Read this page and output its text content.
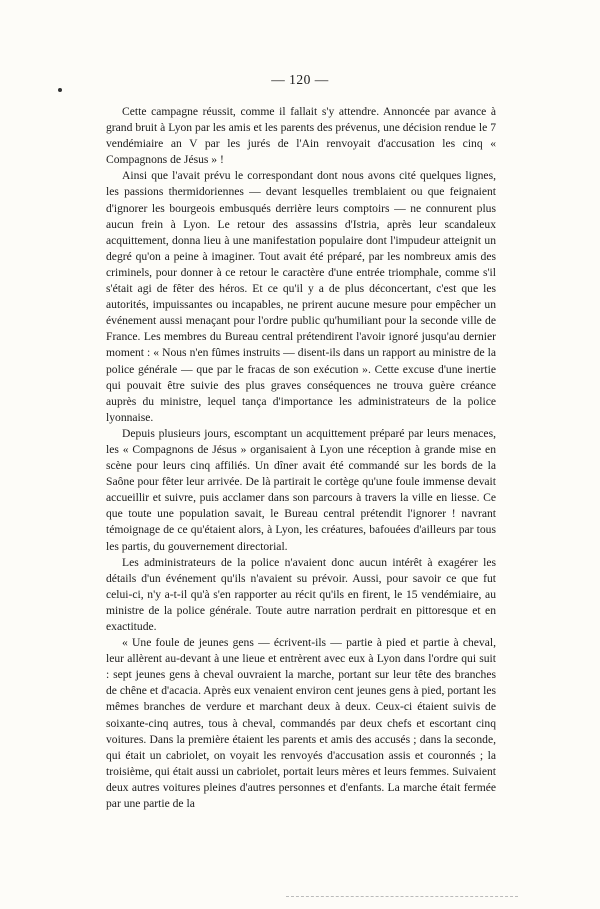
— 120 —

Cette campagne réussit, comme il fallait s'y attendre. Annoncée par avance à grand bruit à Lyon par les amis et les parents des prévenus, une décision rendue le 7 vendémiaire an V par les jurés de l'Ain renvoyait d'accusation les cinq « Compagnons de Jésus » !

Ainsi que l'avait prévu le correspondant dont nous avons cité quelques lignes, les passions thermidoriennes — devant lesquelles tremblaient ou que feignaient d'ignorer les bourgeois embusqués derrière leurs comptoirs — ne connurent plus aucun frein à Lyon. Le retour des assassins d'Istria, après leur scandaleux acquittement, donna lieu à une manifestation populaire dont l'impudeur atteignit un degré qu'on a peine à imaginer. Tout avait été préparé, par les nombreux amis des criminels, pour donner à ce retour le caractère d'une entrée triomphale, comme s'il s'était agi de fêter des héros. Et ce qu'il y a de plus déconcertant, c'est que les autorités, impuissantes ou incapables, ne prirent aucune mesure pour empêcher un événement aussi menaçant pour l'ordre public qu'humiliant pour la seconde ville de France. Les membres du Bureau central prétendirent l'avoir ignoré jusqu'au dernier moment : « Nous n'en fûmes instruits — disent-ils dans un rapport au ministre de la police générale — que par le fracas de son exécution ». Cette excuse d'une inertie qui pouvait être suivie des plus graves conséquences ne trouva guère créance auprès du ministre, lequel tança d'importance les administrateurs de la police lyonnaise.

Depuis plusieurs jours, escomptant un acquittement préparé par leurs menaces, les « Compagnons de Jésus » organisaient à Lyon une réception à grande mise en scène pour leurs cinq affiliés. Un dîner avait été commandé sur les bords de la Saône pour fêter leur arrivée. De là partirait le cortège qu'une foule immense devait accueillir et suivre, puis acclamer dans son parcours à travers la ville en liesse. Ce que toute une population savait, le Bureau central prétendit l'ignorer ! navrant témoignage de ce qu'étaient alors, à Lyon, les créatures, bafouées d'ailleurs par tous les partis, du gouvernement directorial.

Les administrateurs de la police n'avaient donc aucun intérêt à exagérer les détails d'un événement qu'ils n'avaient su prévoir. Aussi, pour savoir ce que fut celui-ci, n'y a-t-il qu'à s'en rapporter au récit qu'ils en firent, le 15 vendémiaire, au ministre de la police générale. Toute autre narration perdrait en pittoresque et en exactitude.

« Une foule de jeunes gens — écrivent-ils — partie à pied et partie à cheval, leur allèrent au-devant à une lieue et entrèrent avec eux à Lyon dans l'ordre qui suit : sept jeunes gens à cheval ouvraient la marche, portant sur leur tête des branches de chêne et d'acacia. Après eux venaient environ cent jeunes gens à pied, portant les mêmes branches de verdure et marchant deux à deux. Ceux-ci étaient suivis de soixante-cinq autres, tous à cheval, commandés par deux chefs et escortant cinq voitures. Dans la première étaient les parents et amis des accusés ; dans la seconde, qui était un cabriolet, on voyait les renvoyés d'accusation assis et couronnés ; la troisième, qui était aussi un cabriolet, portait leurs mères et leurs femmes. Suivaient deux autres voitures pleines d'autres personnes et d'enfants. La marche était fermée par une partie de la
